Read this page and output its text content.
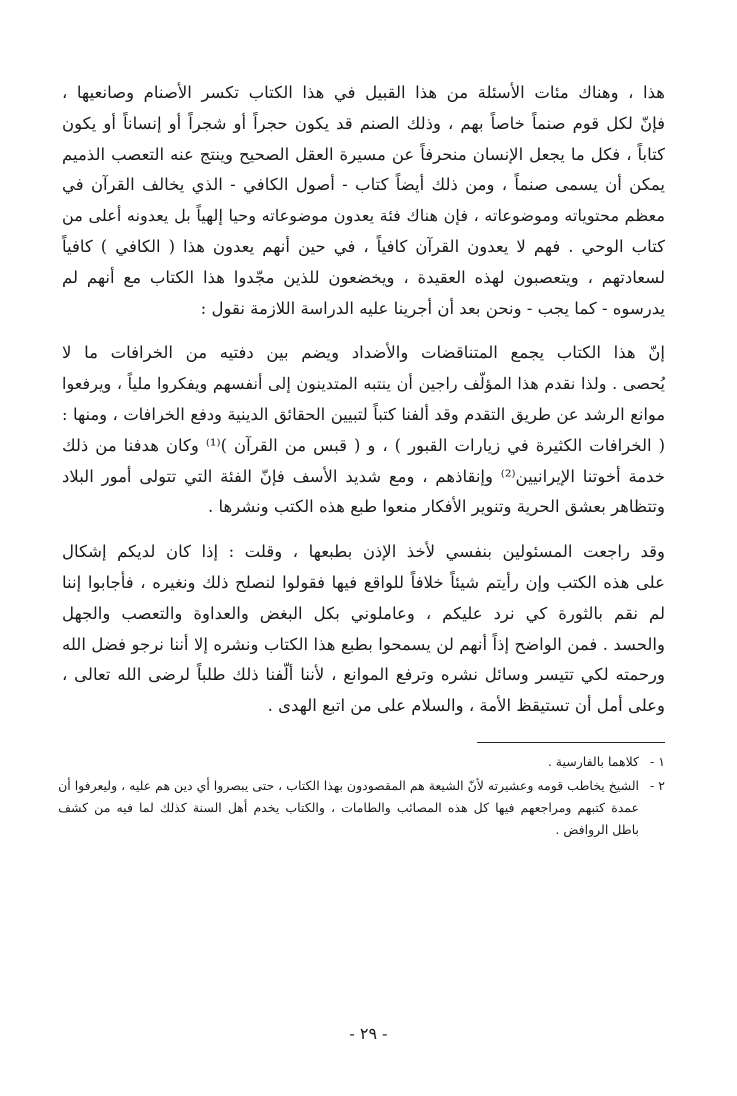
هذا ، وهناك مئات الأسئلة من هذا القبيل في هذا الكتاب تكسر الأصنام وصانعيها ،
فإنّ لكل قوم صنماً خاصاً بهم ، وذلك الصنم قد يكون حجراً أو شجراً أو إنساناً أو يكون
كتاباً ، فكل ما يجعل الإنسان منحرفاً عن مسيرة العقل الصحيح وينتج عنه التعصب الذميم
يمكن أن يسمى صنماً ، ومن ذلك أيضاً كتاب - أصول الكافي - الذي يخالف القرآن في
معظم محتوياته وموضوعاته ، فإن هناك فئة يعدون موضوعاته وحيا إلهياً بل يعدونه أعلى من
كتاب الوحي . فهم لا يعدون القرآن كافياً ، في حين أنهم يعدون هذا ( الكافي ) كافياً
لسعادتهم ، ويتعصبون لهذه العقيدة ، ويخضعون للذين مجّدوا هذا الكتاب مع أنهم لم
يدرسوه - كما يجب - ونحن بعد أن أجرينا عليه الدراسة اللازمة نقول :

إنّ هذا الكتاب يجمع المتناقضات والأضداد ويضم بين دفتيه من الخرافات ما لا
يُحصى . ولذا نقدم هذا المؤلّف راجين أن ينتبه المتدينون إلى أنفسهم ويفكروا ملياً ، ويرفعوا
موانع الرشد عن طريق التقدم وقد ألفنا كتباً لتبيين الحقائق الدينية ودفع الخرافات ، ومنها :
( الخرافات الكثيرة في زيارات القبور ) ، و ( قبس من القرآن )⁽¹⁾ وكان هدفنا من ذلك
خدمة أخوتنا الإيرانيين⁽²⁾ وإنقاذهم ، ومع شديد الأسف فإنّ الفئة التي تتولى أمور البلاد
وتتظاهر بعشق الحرية وتنوير الأفكار منعوا طبع هذه الكتب ونشرها .

وقد راجعت المسئولين بنفسي لأخذ الإذن بطبعها ، وقلت : إذا كان لديكم إشكال
على هذه الكتب وإن رأيتم شيئاً خلافاً للواقع فيها فقولوا لنصلح ذلك ونغيره ، فأجابوا إننا
لم نقم بالثورة كي نرد عليكم ، وعاملوني بكل البغض والعداوة والتعصب والجهل
والحسد . فمن الواضح إذاً أنهم لن يسمحوا بطبع هذا الكتاب ونشره إلا أننا نرجو فضل الله
ورحمته لكي تتيسر وسائل نشره وترفع الموانع ، لأننا ألّفنا ذلك طلباً لرضى الله تعالى ،
وعلى أمل أن تستيقظ الأمة ، والسلام على من اتبع الهدى .

١ -
كلاهما بالفارسية .
٢ -
الشيخ يخاطب قومه وعشيرته لأنّ الشيعة هم المقصودون بهذا الكتاب ، حتى يبصروا أي دين هم عليه ، وليعرفوا أن
عمدة كتبهم ومراجعهم فيها كل هذه المصائب والطامات ، والكتاب يخدم أهل السنة كذلك لما فيه من كشف
باطل الروافض .
- ٢٩ -
